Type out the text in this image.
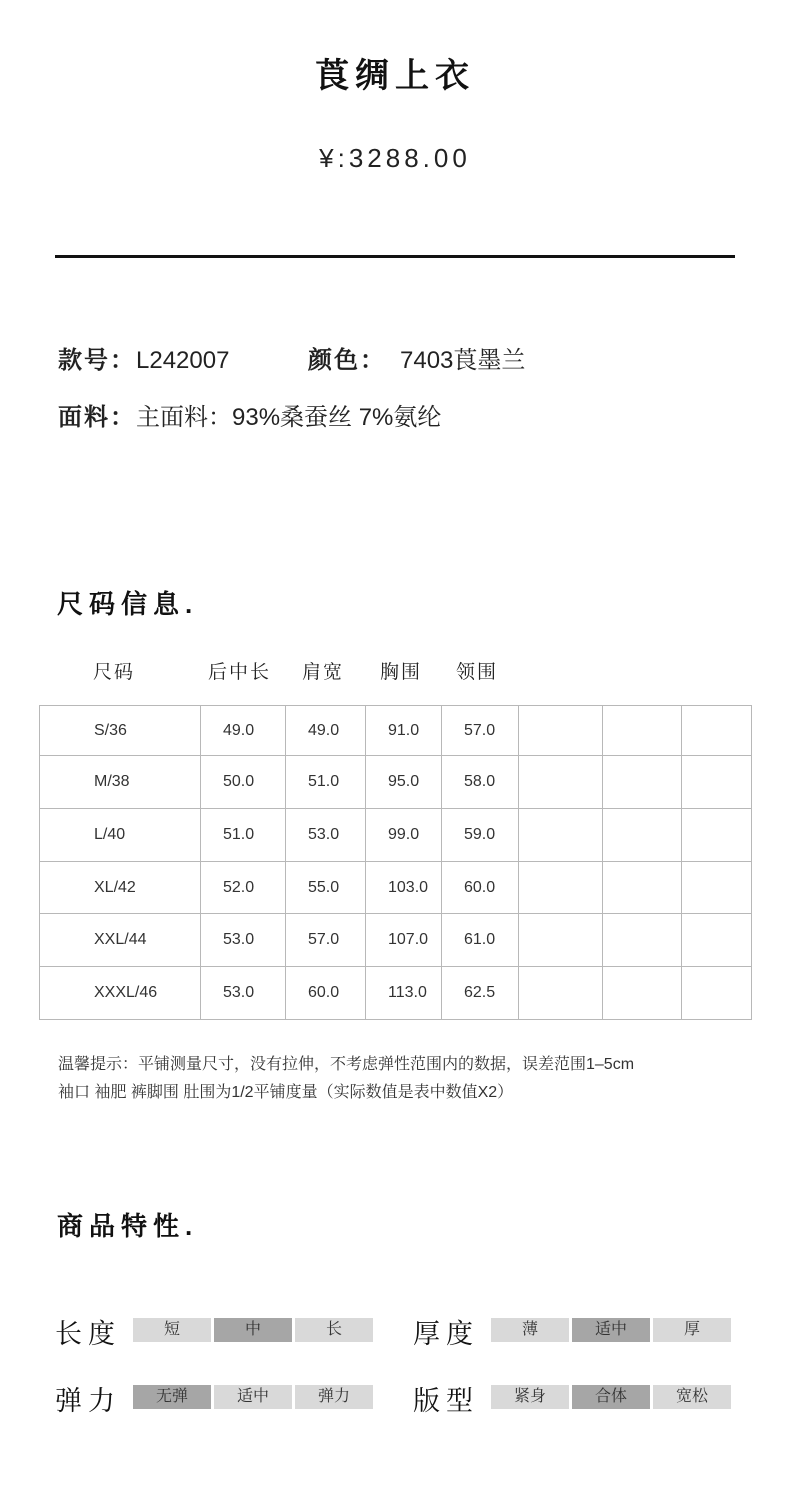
莨绸上衣
¥:3288.00
款号：L242007	颜色： 7403莨墨兰
面料：主面料：93%桑蚕丝 7%氨纶
尺码信息.
尺码	后中长 肩宽 胸围 领围
S/36	49.0	49.0	91.0	57.0			
M/38	50.0	51.0	95.0	58.0			
L/40	51.0	53.0	99.0	59.0			
XL/42	52.0	55.0	103.0	60.0			
XXL/44	53.0	57.0	107.0	61.0			
XXXL/46	53.0	60.0	113.0	62.5			
温馨提示：平铺测量尺寸，没有拉伸，不考虑弹性范围内的数据，误差范围1–5cm
袖口 袖肥 裤脚围 肚围为1/2平铺度量（实际数值是表中数值X2）
商品特性.
长度	短	中	长	厚度	薄	适中	厚
弹力	无弹	适中	弹力	版型	紧身	合体	宽松
